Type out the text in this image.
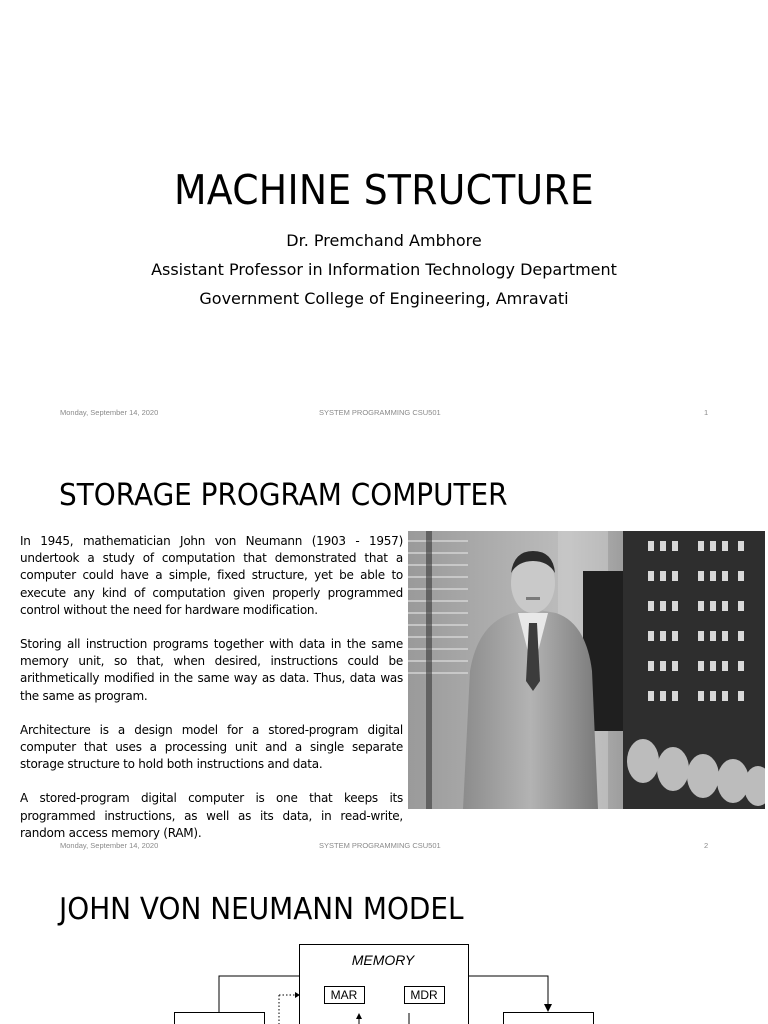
MACHINE STRUCTURE
Dr. Premchand Ambhore
Assistant Professor in Information Technology Department
Government College of Engineering, Amravati
Monday, September 14, 2020	SYSTEM PROGRAMMING CSU501	1
STORAGE PROGRAM COMPUTER

In 1945, mathematician John von Neumann (1903 - 1957) undertook a study of computation that demonstrated that a computer could have a simple, fixed structure, yet be able to execute any kind of computation given properly programmed control without the need for hardware modification.

Storing all instruction programs together with data in the same memory unit, so that, when desired, instructions could be arithmetically modified in the same way as data. Thus, data was the same as program.

Architecture is a design model for a stored-program digital computer that uses a processing unit and a single separate storage structure to hold both instructions and data.

A stored-program digital computer is one that keeps its programmed instructions, as well as its data, in read-write, random access memory (RAM).

Monday, September 14, 2020	SYSTEM PROGRAMMING CSU501	2
JOHN VON NEUMANN MODEL
MEMORY
MAR	MDR
